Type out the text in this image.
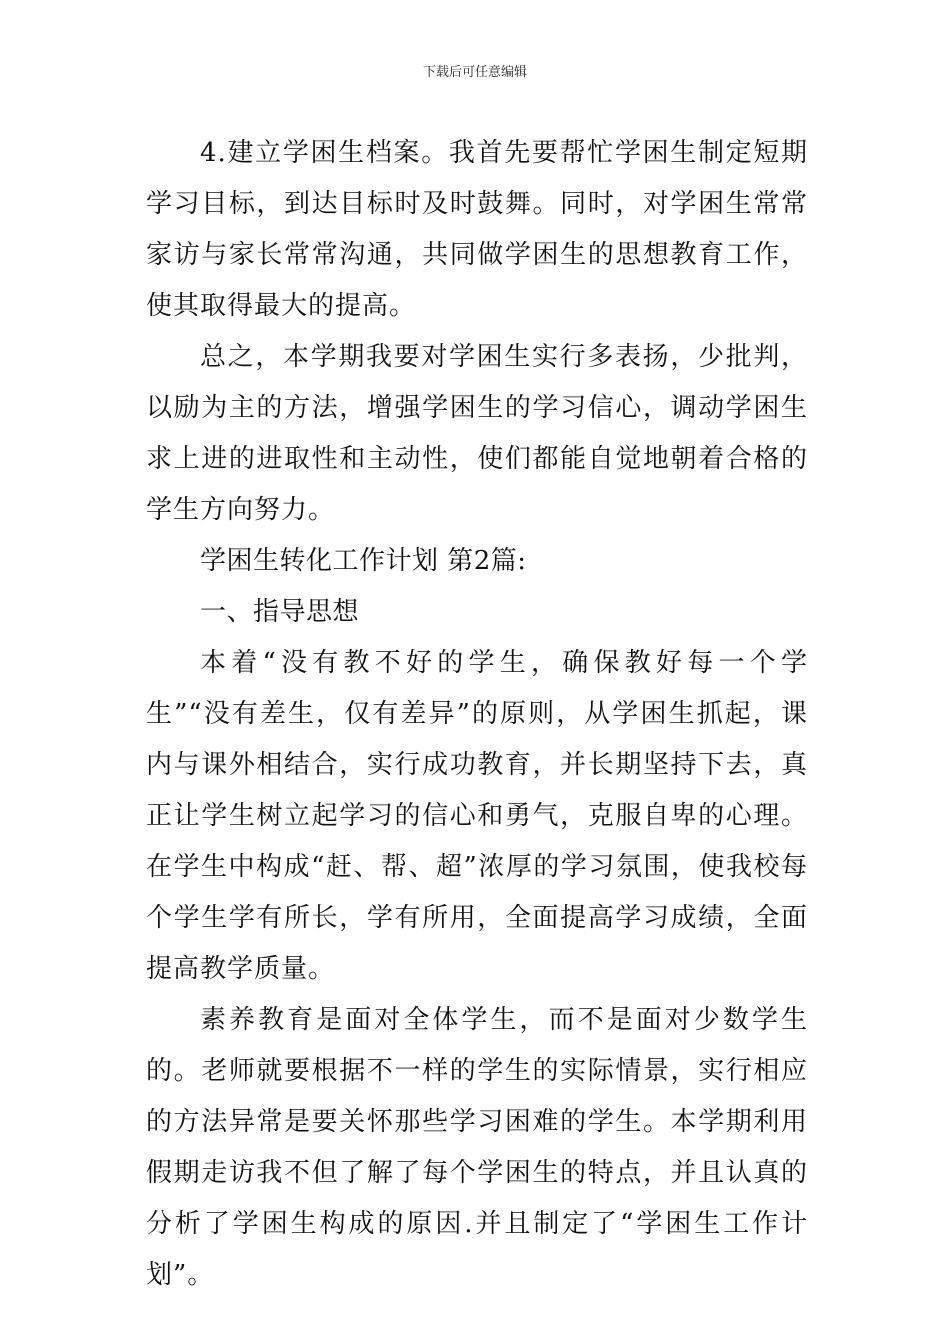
下载后可任意编辑

4.建立学困生档案。我首先要帮忙学困生制定短期学习目标，到达目标时及时鼓舞。同时，对学困生常常家访与家长常常沟通，共同做学困生的思想教育工作，使其取得最大的提高。

总之，本学期我要对学困生实行多表扬，少批判，以励为主的方法，增强学困生的学习信心，调动学困生求上进的进取性和主动性，使们都能自觉地朝着合格的学生方向努力。

学困生转化工作计划 第2篇:

一、指导思想

本着“没有教不好的学生，确保教好每一个学生”“没有差生，仅有差异”的原则，从学困生抓起，课内与课外相结合，实行成功教育，并长期坚持下去，真正让学生树立起学习的信心和勇气，克服自卑的心理。在学生中构成“赶、帮、超”浓厚的学习氛围，使我校每个学生学有所长，学有所用，全面提高学习成绩，全面提高教学质量。

素养教育是面对全体学生，而不是面对少数学生的。老师就要根据不一样的学生的实际情景，实行相应的方法异常是要关怀那些学习困难的学生。本学期利用假期走访我不但了解了每个学困生的特点，并且认真的分析了学困生构成的原因.并且制定了“学困生工作计划”。
